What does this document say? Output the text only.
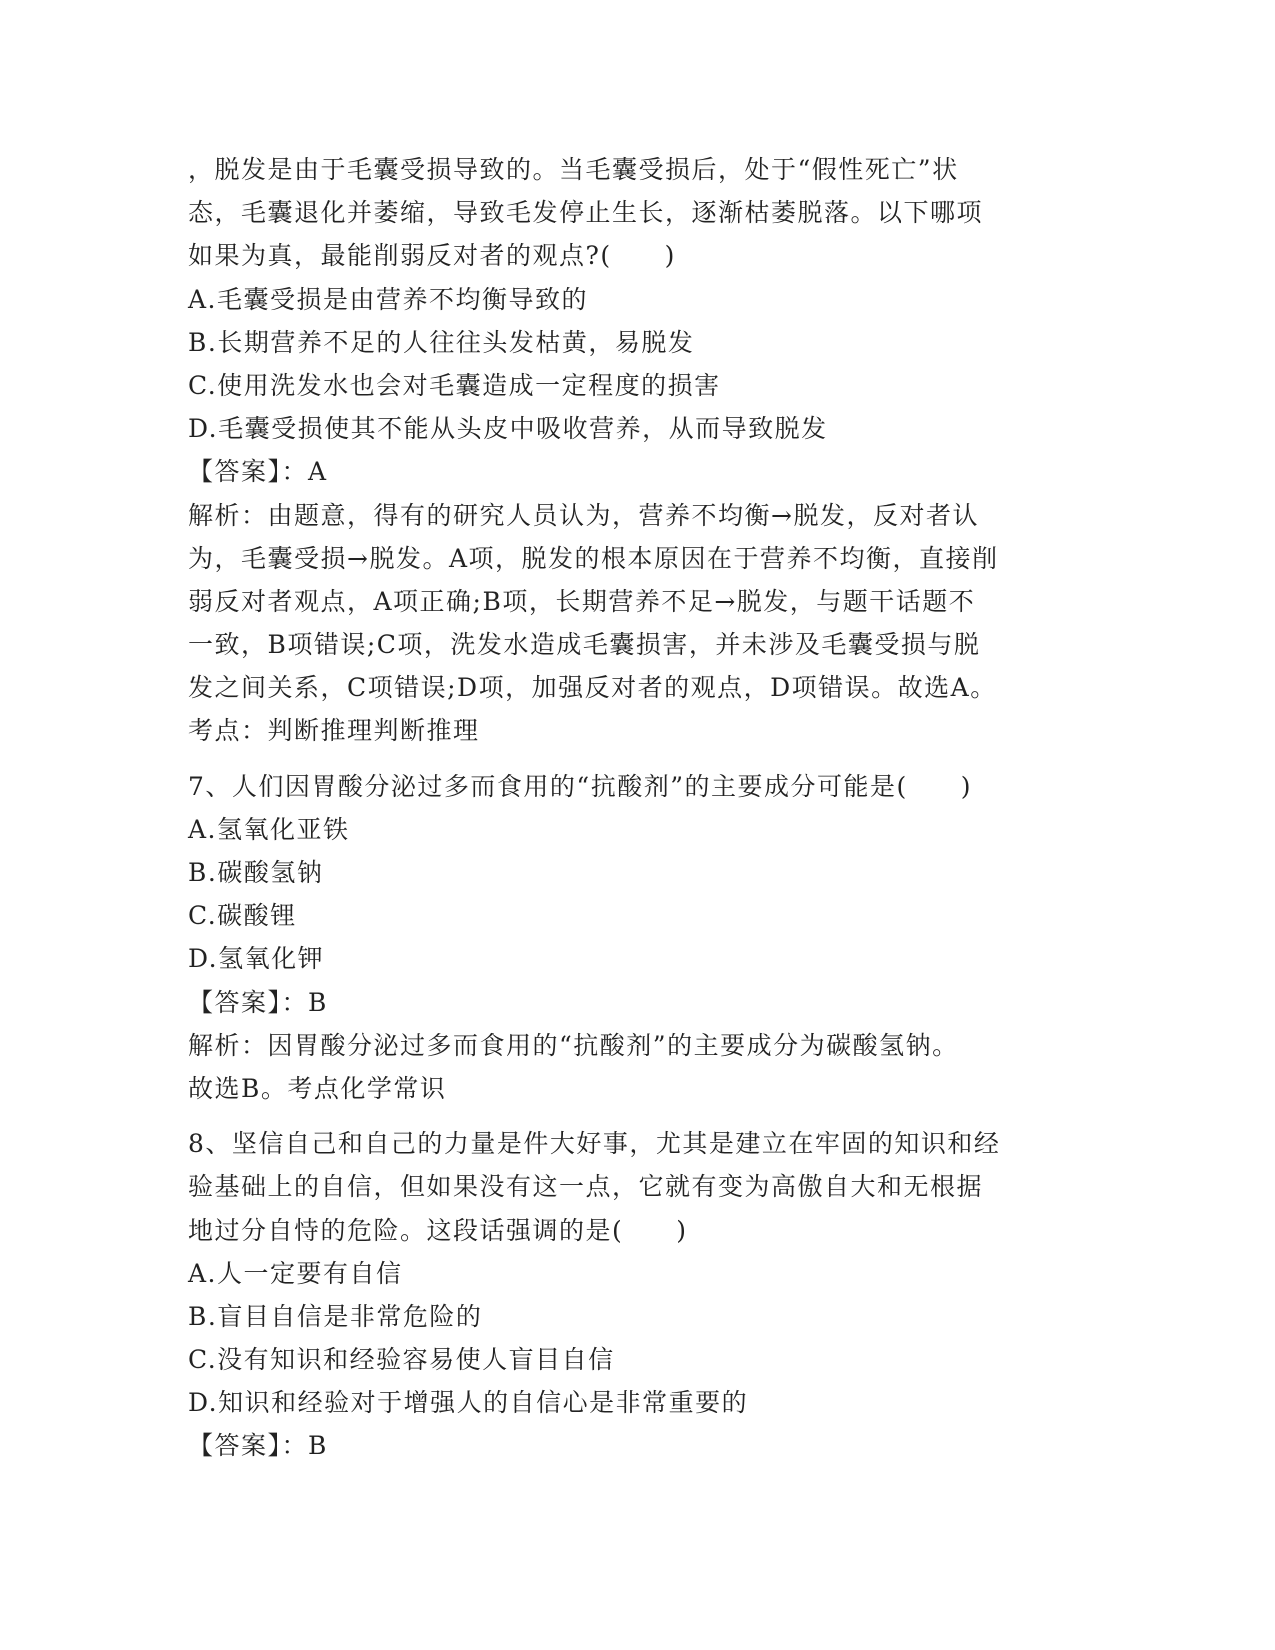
，脱发是由于毛囊受损导致的。当毛囊受损后，处于“假性死亡”状
态，毛囊退化并萎缩，导致毛发停止生长，逐渐枯萎脱落。以下哪项
如果为真，最能削弱反对者的观点?(　　)
A.毛囊受损是由营养不均衡导致的
B.长期营养不足的人往往头发枯黄，易脱发
C.使用洗发水也会对毛囊造成一定程度的损害
D.毛囊受损使其不能从头皮中吸收营养，从而导致脱发
【答案】：A
解析：由题意，得有的研究人员认为，营养不均衡→脱发，反对者认
为，毛囊受损→脱发。A项，脱发的根本原因在于营养不均衡，直接削
弱反对者观点，A项正确;B项，长期营养不足→脱发，与题干话题不
一致，B项错误;C项，洗发水造成毛囊损害，并未涉及毛囊受损与脱
发之间关系，C项错误;D项，加强反对者的观点，D项错误。故选A。
考点：判断推理判断推理
7、人们因胃酸分泌过多而食用的“抗酸剂”的主要成分可能是(　　)
A.氢氧化亚铁
B.碳酸氢钠
C.碳酸锂
D.氢氧化钾
【答案】：B
解析：因胃酸分泌过多而食用的“抗酸剂”的主要成分为碳酸氢钠。
故选B。考点化学常识
8、坚信自己和自己的力量是件大好事，尤其是建立在牢固的知识和经
验基础上的自信，但如果没有这一点，它就有变为高傲自大和无根据
地过分自恃的危险。这段话强调的是(　　)
A.人一定要有自信
B.盲目自信是非常危险的
C.没有知识和经验容易使人盲目自信
D.知识和经验对于增强人的自信心是非常重要的
【答案】：B
